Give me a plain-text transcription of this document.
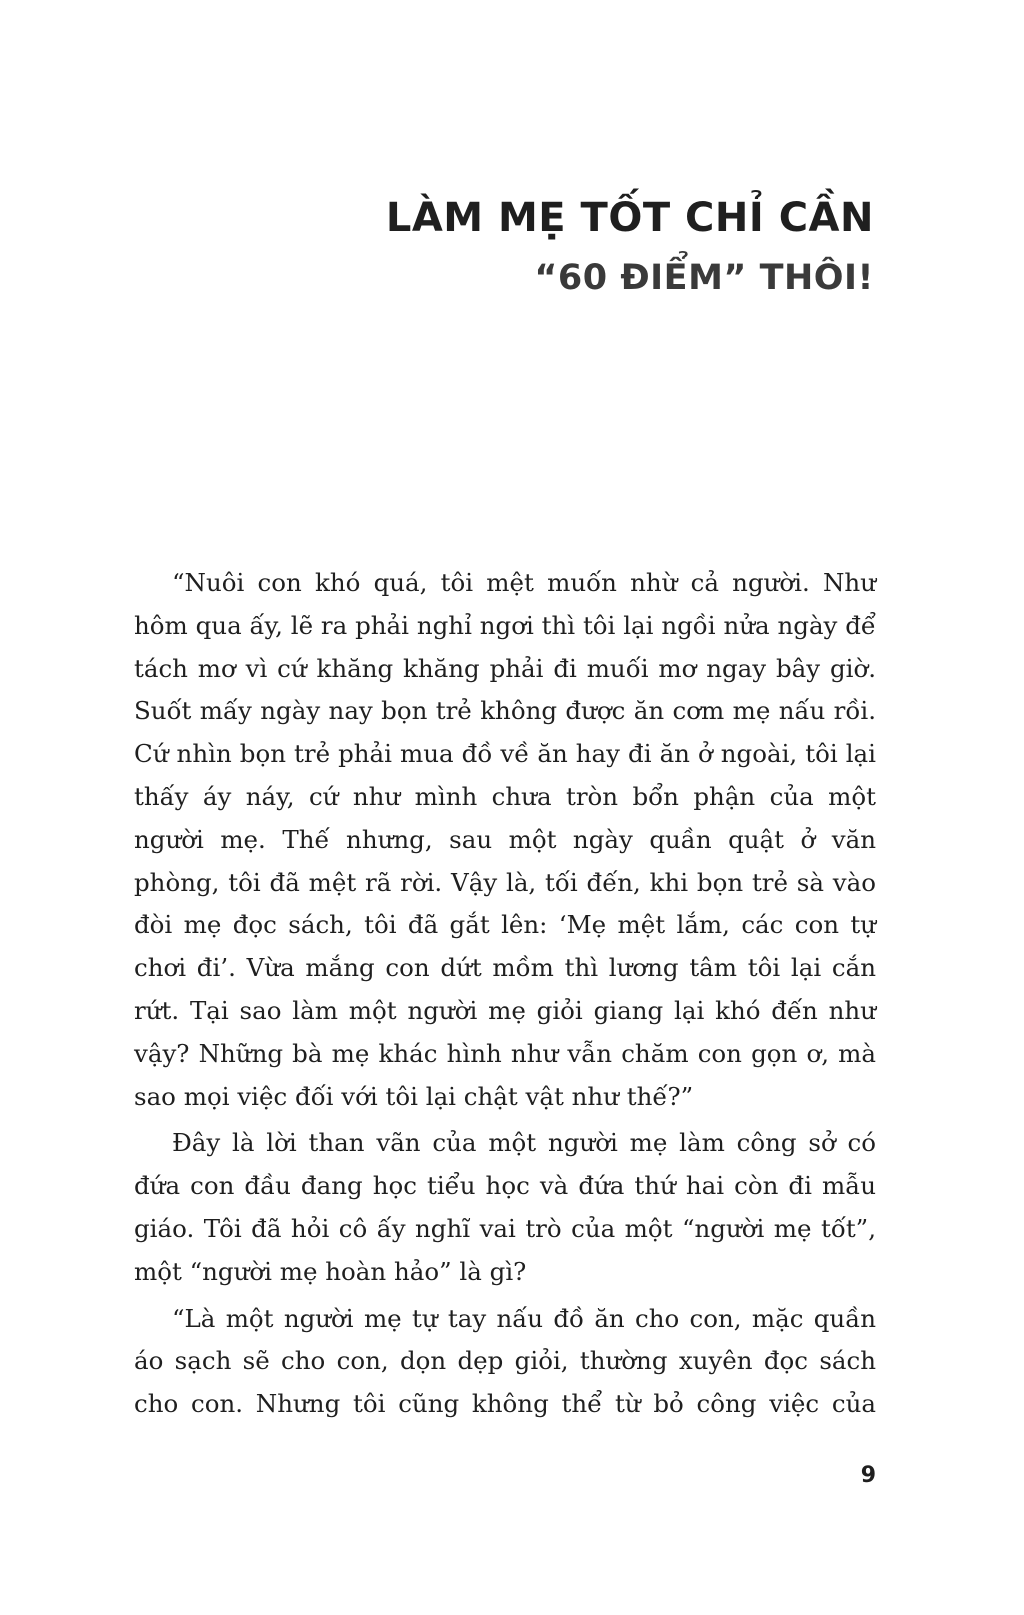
LÀM MẸ TỐT CHỈ CẦN
“60 ĐIỂM” THÔI!

“Nuôi con khó quá, tôi mệt muốn nhừ cả người. Như hôm qua ấy, lẽ ra phải nghỉ ngơi thì tôi lại ngồi nửa ngày để tách mơ vì cứ khăng khăng phải đi muối mơ ngay bây giờ. Suốt mấy ngày nay bọn trẻ không được ăn cơm mẹ nấu rồi. Cứ nhìn bọn trẻ phải mua đồ về ăn hay đi ăn ở ngoài, tôi lại thấy áy náy, cứ như mình chưa tròn bổn phận của một người mẹ. Thế nhưng, sau một ngày quần quật ở văn phòng, tôi đã mệt rã rời. Vậy là, tối đến, khi bọn trẻ sà vào đòi mẹ đọc sách, tôi đã gắt lên: ‘Mẹ mệt lắm, các con tự chơi đi’. Vừa mắng con dứt mồm thì lương tâm tôi lại cắn rứt. Tại sao làm một người mẹ giỏi giang lại khó đến như vậy? Những bà mẹ khác hình như vẫn chăm con gọn ơ, mà sao mọi việc đối với tôi lại chật vật như thế?”

Đây là lời than vãn của một người mẹ làm công sở có đứa con đầu đang học tiểu học và đứa thứ hai còn đi mẫu giáo. Tôi đã hỏi cô ấy nghĩ vai trò của một “người mẹ tốt”, một “người mẹ hoàn hảo” là gì?

“Là một người mẹ tự tay nấu đồ ăn cho con, mặc quần áo sạch sẽ cho con, dọn dẹp giỏi, thường xuyên đọc sách cho con. Nhưng tôi cũng không thể từ bỏ công việc của

9
